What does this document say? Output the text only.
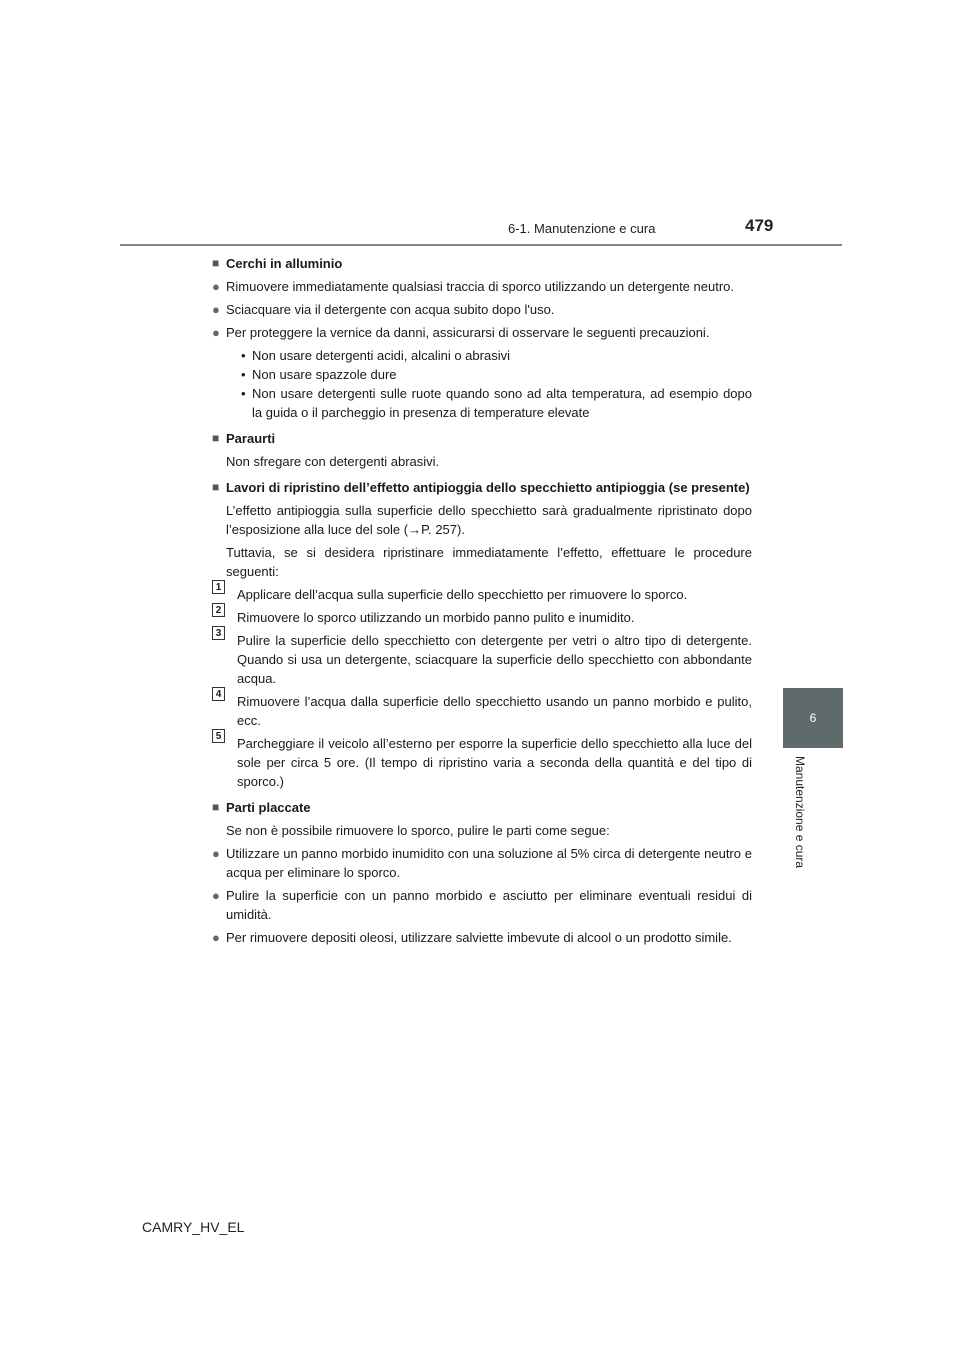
6-1. Manutenzione e cura	479
6
Manutenzione e cura
■ Cerchi in alluminio
● Rimuovere immediatamente qualsiasi traccia di sporco utilizzando un detergente neutro.
● Sciacquare via il detergente con acqua subito dopo l'uso.
● Per proteggere la vernice da danni, assicurarsi di osservare le seguenti precauzioni.
• Non usare detergenti acidi, alcalini o abrasivi
• Non usare spazzole dure
• Non usare detergenti sulle ruote quando sono ad alta temperatura, ad esempio dopo la guida o il parcheggio in presenza di temperature elevate
■ Paraurti
Non sfregare con detergenti abrasivi.
■ Lavori di ripristino dell’effetto antipioggia dello specchietto antipioggia (se presente)
L’effetto antipioggia sulla superficie dello specchietto sarà gradualmente ripristinato dopo l’esposizione alla luce del sole (→P. 257).
Tuttavia, se si desidera ripristinare immediatamente l’effetto, effettuare le procedure seguenti:
1 Applicare dell’acqua sulla superficie dello specchietto per rimuovere lo sporco.
2 Rimuovere lo sporco utilizzando un morbido panno pulito e inumidito.
3 Pulire la superficie dello specchietto con detergente per vetri o altro tipo di detergente. Quando si usa un detergente, sciacquare la superficie dello specchietto con abbondante acqua.
4 Rimuovere l’acqua dalla superficie dello specchietto usando un panno morbido e pulito, ecc.
5 Parcheggiare il veicolo all’esterno per esporre la superficie dello specchietto alla luce del sole per circa 5 ore. (Il tempo di ripristino varia a seconda della quantità e del tipo di sporco.)
■ Parti placcate
Se non è possibile rimuovere lo sporco, pulire le parti come segue:
● Utilizzare un panno morbido inumidito con una soluzione al 5% circa di detergente neutro e acqua per eliminare lo sporco.
● Pulire la superficie con un panno morbido e asciutto per eliminare eventuali residui di umidità.
● Per rimuovere depositi oleosi, utilizzare salviette imbevute di alcool o un prodotto simile.
CAMRY_HV_EL
